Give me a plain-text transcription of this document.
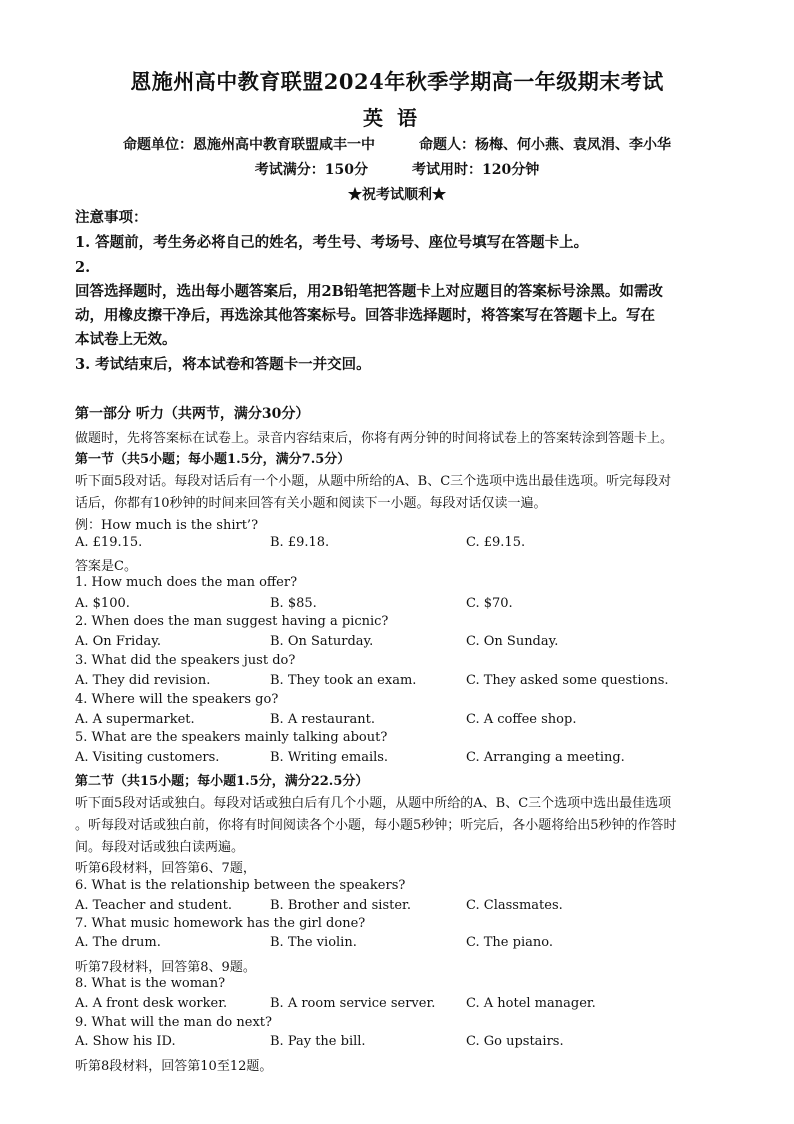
恩施州高中教育联盟2024年秋季学期高一年级期末考试
英语
命题单位：恩施州高中教育联盟咸丰一中	命题人：杨梅、何小燕、袁凤涓、李小华
考试满分：150分	考试用时：120分钟
★祝考试顺利★
注意事项：
1. 答题前，考生务必将自己的姓名，考生号、考场号、座位号填写在答题卡上。
2.
回答选择题时，选出每小题答案后，用2B铅笔把答题卡上对应题目的答案标号涂黑。如需改
动，用橡皮擦干净后，再选涂其他答案标号。回答非选择题时，将答案写在答题卡上。写在
本试卷上无效。
3. 考试结束后，将本试卷和答题卡一并交回。
第一部分 听力（共两节，满分30分）
做题时，先将答案标在试卷上。录音内容结束后，你将有两分钟的时间将试卷上的答案转涂到答题卡上。
第一节（共5小题；每小题1.5分，满分7.5分）
听下面5段对话。每段对话后有一个小题，从题中所给的A、B、C三个选项中选出最佳选项。听完每段对
话后，你都有10秒钟的时间来回答有关小题和阅读下一小题。每段对话仅读一遍。
例：How much is the shirt’?
A. £19.15.	B. £9.18.	C. £9.15.
答案是C。
1. How much does the man offer?
A. $100.	B. $85.	C. $70.
2. When does the man suggest having a picnic?
A. On Friday.	B. On Saturday.	C. On Sunday.
3. What did the speakers just do?
A. They did revision.	B. They took an exam.	C. They asked some questions.
4. Where will the speakers go?
A. A supermarket.	B. A restaurant.	C. A coffee shop.
5. What are the speakers mainly talking about?
A. Visiting customers.	B. Writing emails.	C. Arranging a meeting.
第二节（共15小题；每小题1.5分，满分22.5分）
听下面5段对话或独白。每段对话或独白后有几个小题，从题中所给的A、B、C三个选项中选出最佳选项
。听每段对话或独白前，你将有时间阅读各个小题，每小题5秒钟；听完后，各小题将给出5秒钟的作答时
间。每段对话或独白读两遍。
听第6段材料，回答第6、7题，
6. What is the relationship between the speakers?
A. Teacher and student.	B. Brother and sister.	C. Classmates.
7. What music homework has the girl done?
A. The drum.	B. The violin.	C. The piano.
听第7段材料，回答第8、9题。
8. What is the woman?
A. A front desk worker.	B. A room service server. C. A hotel manager.
9. What will the man do next?
A. Show his ID.	B. Pay the bill.	C. Go upstairs.
听第8段材料，回答第10至12题。
